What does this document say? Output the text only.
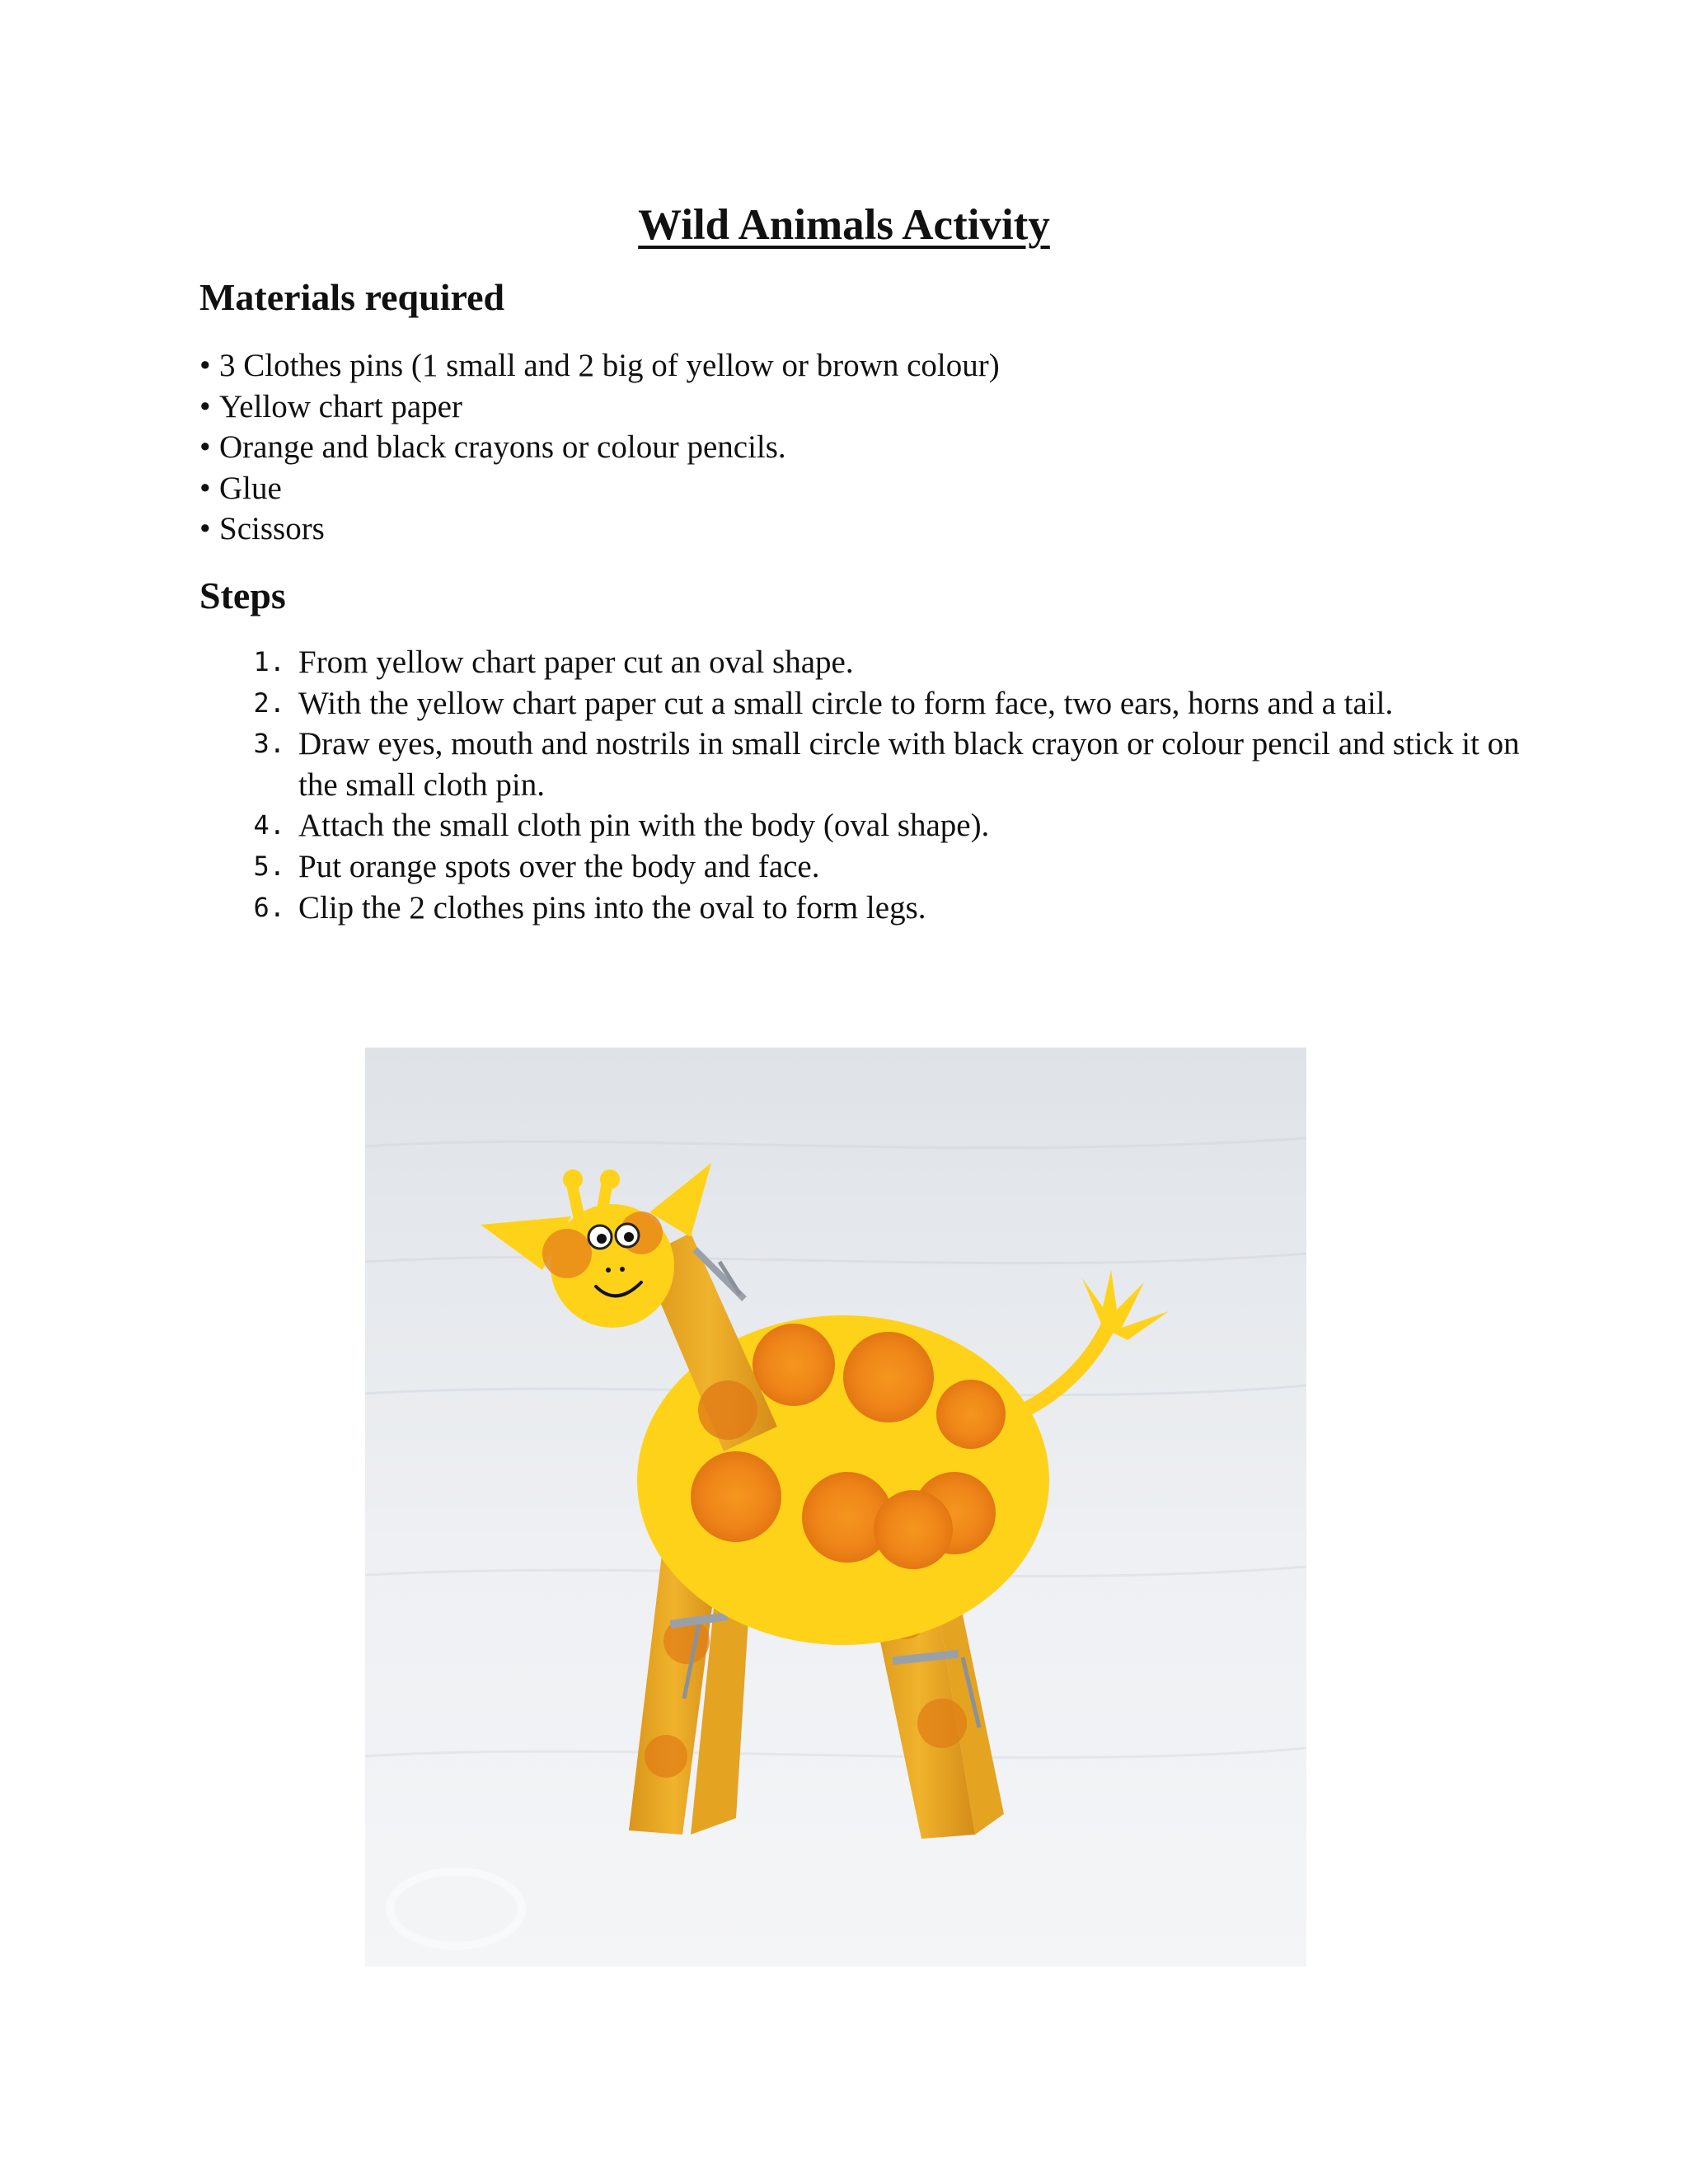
Wild Animals Activity
Materials required
• 3 Clothes pins (1 small and 2 big of yellow or brown colour)
• Yellow chart paper
• Orange and black crayons or colour pencils.
• Glue
• Scissors
Steps
1. From yellow chart paper cut an oval shape.
2. With the yellow chart paper cut a small circle to form face, two ears, horns and a tail.
3. Draw eyes, mouth and nostrils in small circle with black crayon or colour pencil and stick it on the small cloth pin.
4. Attach the small cloth pin with the body (oval shape).
5. Put orange spots over the body and face.
6. Clip the 2 clothes pins into the oval to form legs.
